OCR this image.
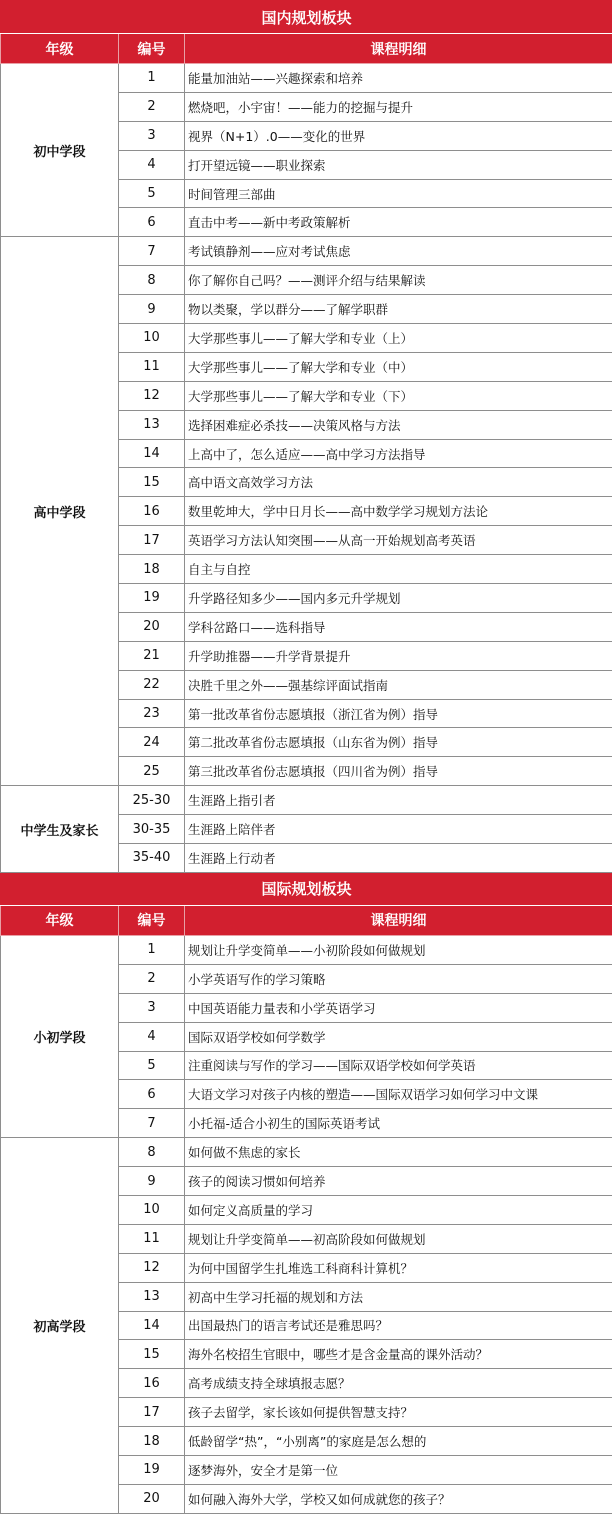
国内规划板块		
年级	编号	课程明细
初中学段	1	能量加油站——兴趣探索和培养
	2	燃烧吧，小宇宙！——能力的挖掘与提升
	3	视界（N+1）.0——变化的世界
	4	打开望远镜——职业探索
	5	时间管理三部曲
	6	直击中考——新中考政策解析
高中学段	7	考试镇静剂——应对考试焦虑
	8	你了解你自己吗？——测评介绍与结果解读
	9	物以类聚，学以群分——了解学职群
	10	大学那些事儿——了解大学和专业（上）
	11	大学那些事儿——了解大学和专业（中）
	12	大学那些事儿——了解大学和专业（下）
	13	选择困难症必杀技——决策风格与方法
	14	上高中了，怎么适应——高中学习方法指导
	15	高中语文高效学习方法
	16	数里乾坤大，学中日月长——高中数学学习规划方法论
	17	英语学习方法认知突围——从高一开始规划高考英语
	18	自主与自控
	19	升学路径知多少——国内多元升学规划
	20	学科岔路口——选科指导
	21	升学助推器——升学背景提升
	22	决胜千里之外——强基综评面试指南
	23	第一批改革省份志愿填报（浙江省为例）指导
	24	第二批改革省份志愿填报（山东省为例）指导
	25	第三批改革省份志愿填报（四川省为例）指导
中学生及家长	25-30	生涯路上指引者
	30-35	生涯路上陪伴者
	35-40	生涯路上行动者
国际规划板块		
年级	编号	课程明细
小初学段	1	规划让升学变简单——小初阶段如何做规划
	2	小学英语写作的学习策略
	3	中国英语能力量表和小学英语学习
	4	国际双语学校如何学数学
	5	注重阅读与写作的学习——国际双语学校如何学英语
	6	大语文学习对孩子内核的塑造——国际双语学习如何学习中文课
	7	小托福-适合小初生的国际英语考试
初高学段	8	如何做不焦虑的家长
	9	孩子的阅读习惯如何培养
	10	如何定义高质量的学习
	11	规划让升学变简单——初高阶段如何做规划
	12	为何中国留学生扎堆选工科商科计算机？
	13	初高中生学习托福的规划和方法
	14	出国最热门的语言考试还是雅思吗？
	15	海外名校招生官眼中，哪些才是含金量高的课外活动？
	16	高考成绩支持全球填报志愿？
	17	孩子去留学，家长该如何提供智慧支持？
	18	低龄留学“热”，“小别离”的家庭是怎么想的
	19	逐梦海外，安全才是第一位
	20	如何融入海外大学，学校又如何成就您的孩子？
